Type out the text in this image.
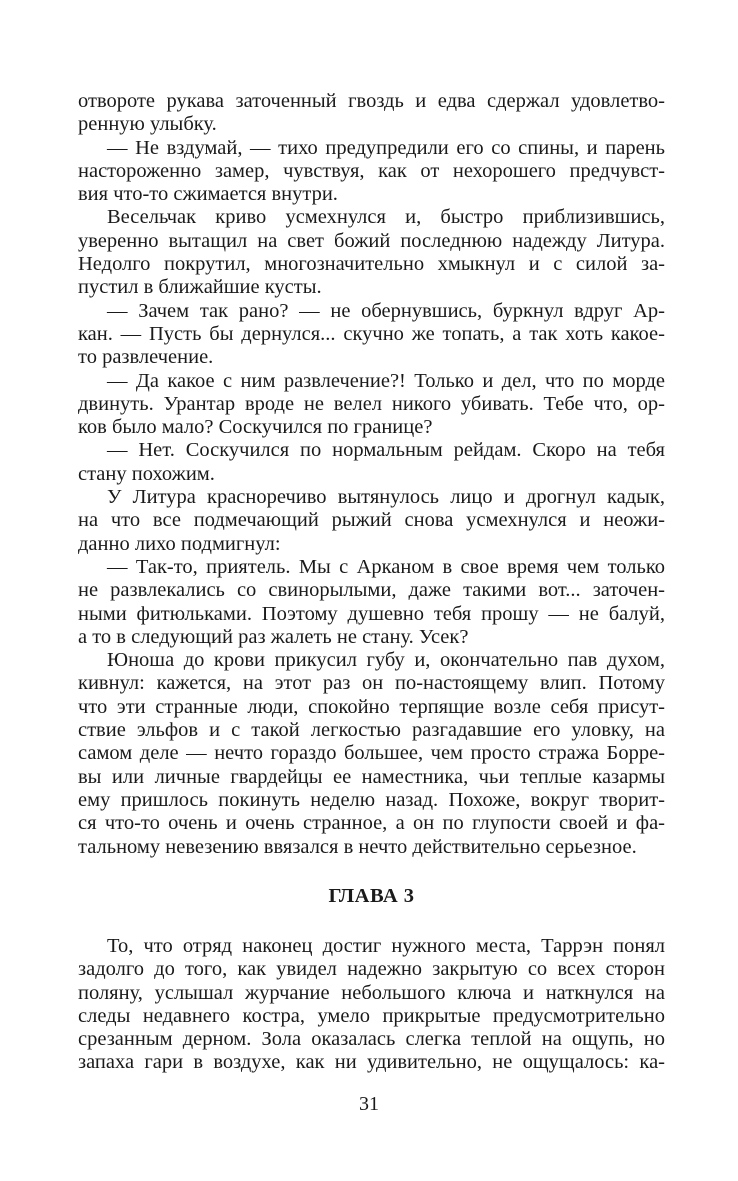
отвороте рукава заточенный гвоздь и едва сдержал удовлетво-
ренную улыбку.
— Не вздумай, — тихо предупредили его со спины, и парень
настороженно замер, чувствуя, как от нехорошего предчувст-
вия что-то сжимается внутри.
Весельчак криво усмехнулся и, быстро приблизившись,
уверенно вытащил на свет божий последнюю надежду Литура.
Недолго покрутил, многозначительно хмыкнул и с силой за-
пустил в ближайшие кусты.
— Зачем так рано? — не обернувшись, буркнул вдруг Ар-
кан. — Пусть бы дернулся... скучно же топать, а так хоть какое-
то развлечение.
— Да какое с ним развлечение?! Только и дел, что по морде
двинуть. Урантар вроде не велел никого убивать. Тебе что, ор-
ков было мало? Соскучился по границе?
— Нет. Соскучился по нормальным рейдам. Скоро на тебя
стану похожим.
У Литура красноречиво вытянулось лицо и дрогнул кадык,
на что все подмечающий рыжий снова усмехнулся и неожи-
данно лихо подмигнул:
— Так-то, приятель. Мы с Арканом в свое время чем только
не развлекались со свинорылыми, даже такими вот... заточен-
ными фитюльками. Поэтому душевно тебя прошу — не балуй,
а то в следующий раз жалеть не стану. Усек?
Юноша до крови прикусил губу и, окончательно пав духом,
кивнул: кажется, на этот раз он по-настоящему влип. Потому
что эти странные люди, спокойно терпящие возле себя присут-
ствие эльфов и с такой легкостью разгадавшие его уловку, на
самом деле — нечто гораздо большее, чем просто стража Борре-
вы или личные гвардейцы ее наместника, чьи теплые казармы
ему пришлось покинуть неделю назад. Похоже, вокруг творит-
ся что-то очень и очень странное, а он по глупости своей и фа-
тальному невезению ввязался в нечто действительно серьезное.
ГЛАВА 3
То, что отряд наконец достиг нужного места, Таррэн понял
задолго до того, как увидел надежно закрытую со всех сторон
поляну, услышал журчание небольшого ключа и наткнулся на
следы недавнего костра, умело прикрытые предусмотрительно
срезанным дерном. Зола оказалась слегка теплой на ощупь, но
запаха гари в воздухе, как ни удивительно, не ощущалось: ка-
31
